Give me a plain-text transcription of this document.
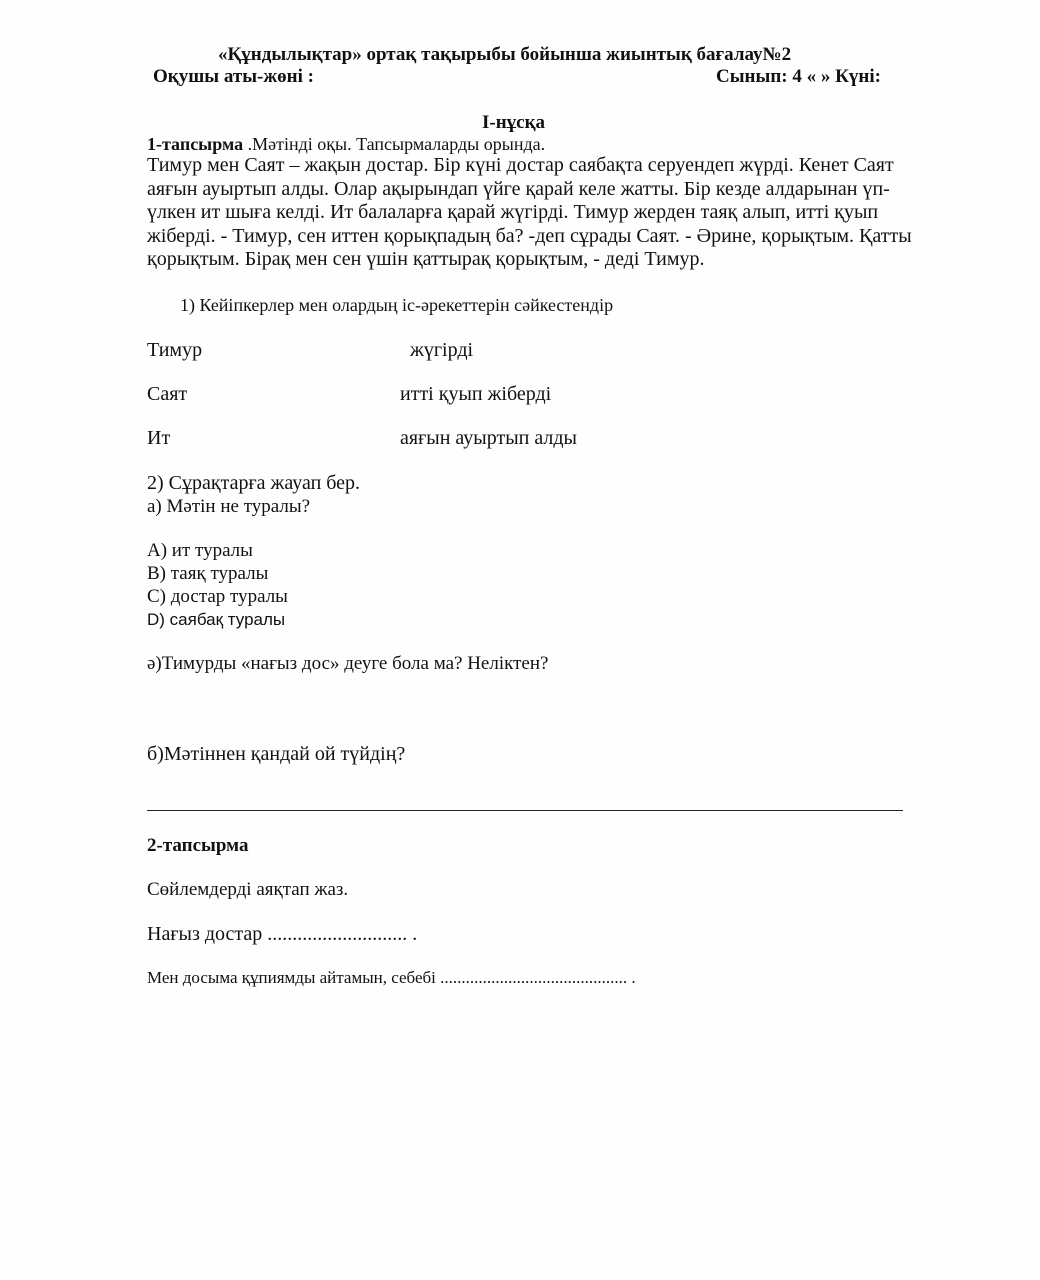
«Құндылықтар» ортақ тақырыбы бойынша жиынтық бағалау№2
Оқушы аты-жөні :	Сынып: 4 « » Күні:
I-нұсқа
1-тапсырма .Мәтінді оқы. Тапсырмаларды орында.
Тимур мен Саят – жақын достар. Бір күні достар саябақта серуендеп жүрді. Кенет Саят
аяғын ауыртып алды. Олар ақырындап үйге қарай келе жатты. Бір кезде алдарынан үп-
үлкен ит шыға келді. Ит балаларға қарай жүгірді. Тимур жерден таяқ алып, итті қуып
жіберді. - Тимур, сен иттен қорықпадың ба? -деп сұрады Саят. - Әрине, қорықтым. Қатты
қорықтым. Бірақ мен сен үшін қаттырақ қорықтым, - деді Тимур.
1) Кейіпкерлер мен олардың іс-әрекеттерін сәйкестендір
Тимур
Саят
Ит
жүгірді
итті қуып жіберді
аяғын ауыртып алды
2) Сұрақтарға жауап бер.
а) Мәтін не туралы?
А) ит туралы
В) таяқ туралы
С) достар туралы
D) саябақ туралы
ә)Тимурды «нағыз дос» деуге бола ма? Неліктен?
б)Мәтіннен қандай ой түйдің?
2-тапсырма
Сөйлемдерді аяқтап жаз.
Нағыз достар ............................ .
Мен досыма құпиямды айтамын, себебі ............................................ .
